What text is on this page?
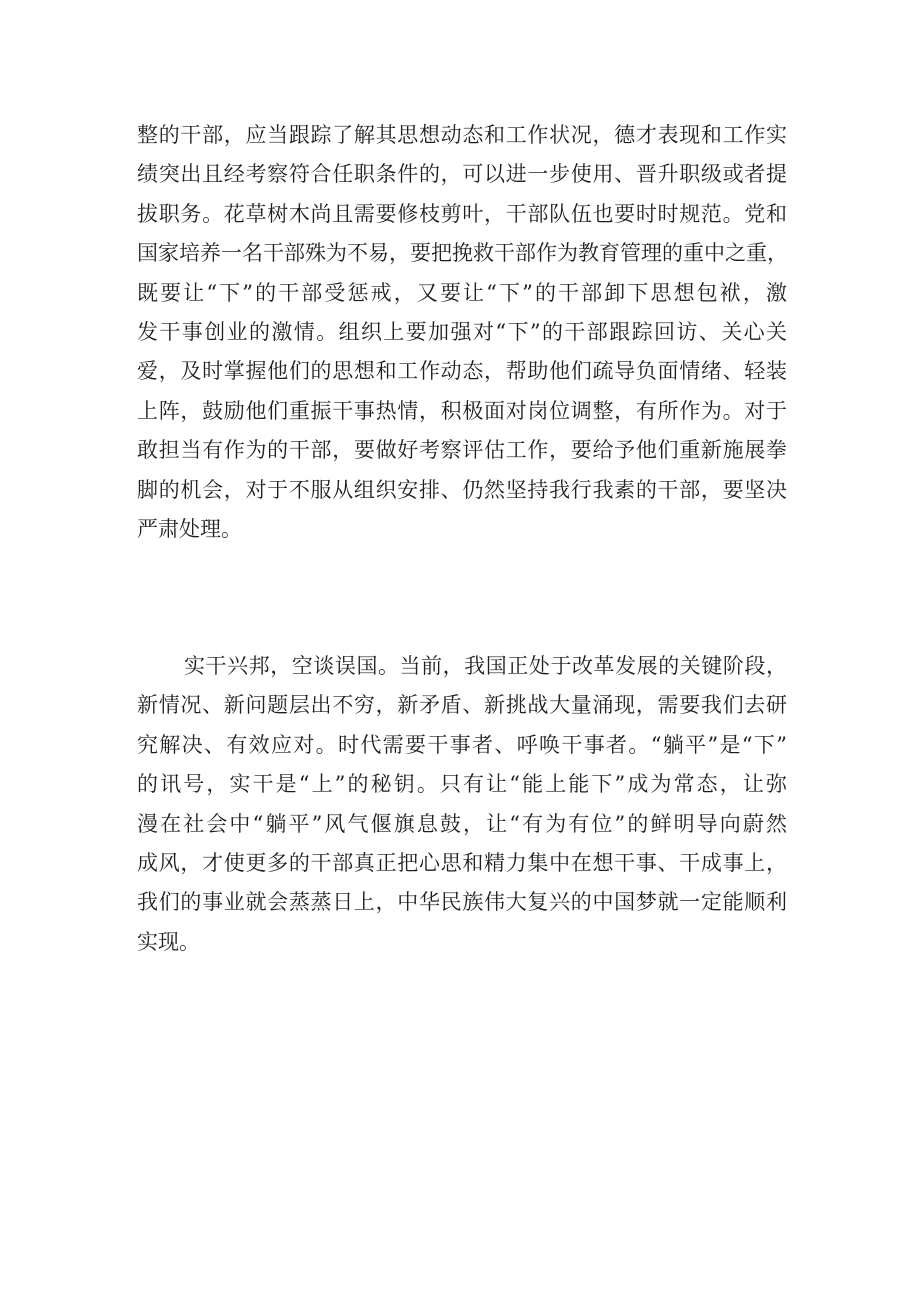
整的干部，应当跟踪了解其思想动态和工作状况，德才表现和工作实
绩突出且经考察符合任职条件的，可以进一步使用、晋升职级或者提
拔职务。花草树木尚且需要修枝剪叶，干部队伍也要时时规范。党和
国家培养一名干部殊为不易，要把挽救干部作为教育管理的重中之重，
既要让“下”的干部受惩戒，又要让“下”的干部卸下思想包袱，激
发干事创业的激情。组织上要加强对“下”的干部跟踪回访、关心关
爱，及时掌握他们的思想和工作动态，帮助他们疏导负面情绪、轻装
上阵，鼓励他们重振干事热情，积极面对岗位调整，有所作为。对于
敢担当有作为的干部，要做好考察评估工作，要给予他们重新施展拳
脚的机会，对于不服从组织安排、仍然坚持我行我素的干部，要坚决
严肃处理。
实干兴邦，空谈误国。当前，我国正处于改革发展的关键阶段，
新情况、新问题层出不穷，新矛盾、新挑战大量涌现，需要我们去研
究解决、有效应对。时代需要干事者、呼唤干事者。“躺平”是“下”
的讯号，实干是“上”的秘钥。只有让“能上能下”成为常态，让弥
漫在社会中“躺平”风气偃旗息鼓，让“有为有位”的鲜明导向蔚然
成风，才使更多的干部真正把心思和精力集中在想干事、干成事上，
我们的事业就会蒸蒸日上，中华民族伟大复兴的中国梦就一定能顺利
实现。
